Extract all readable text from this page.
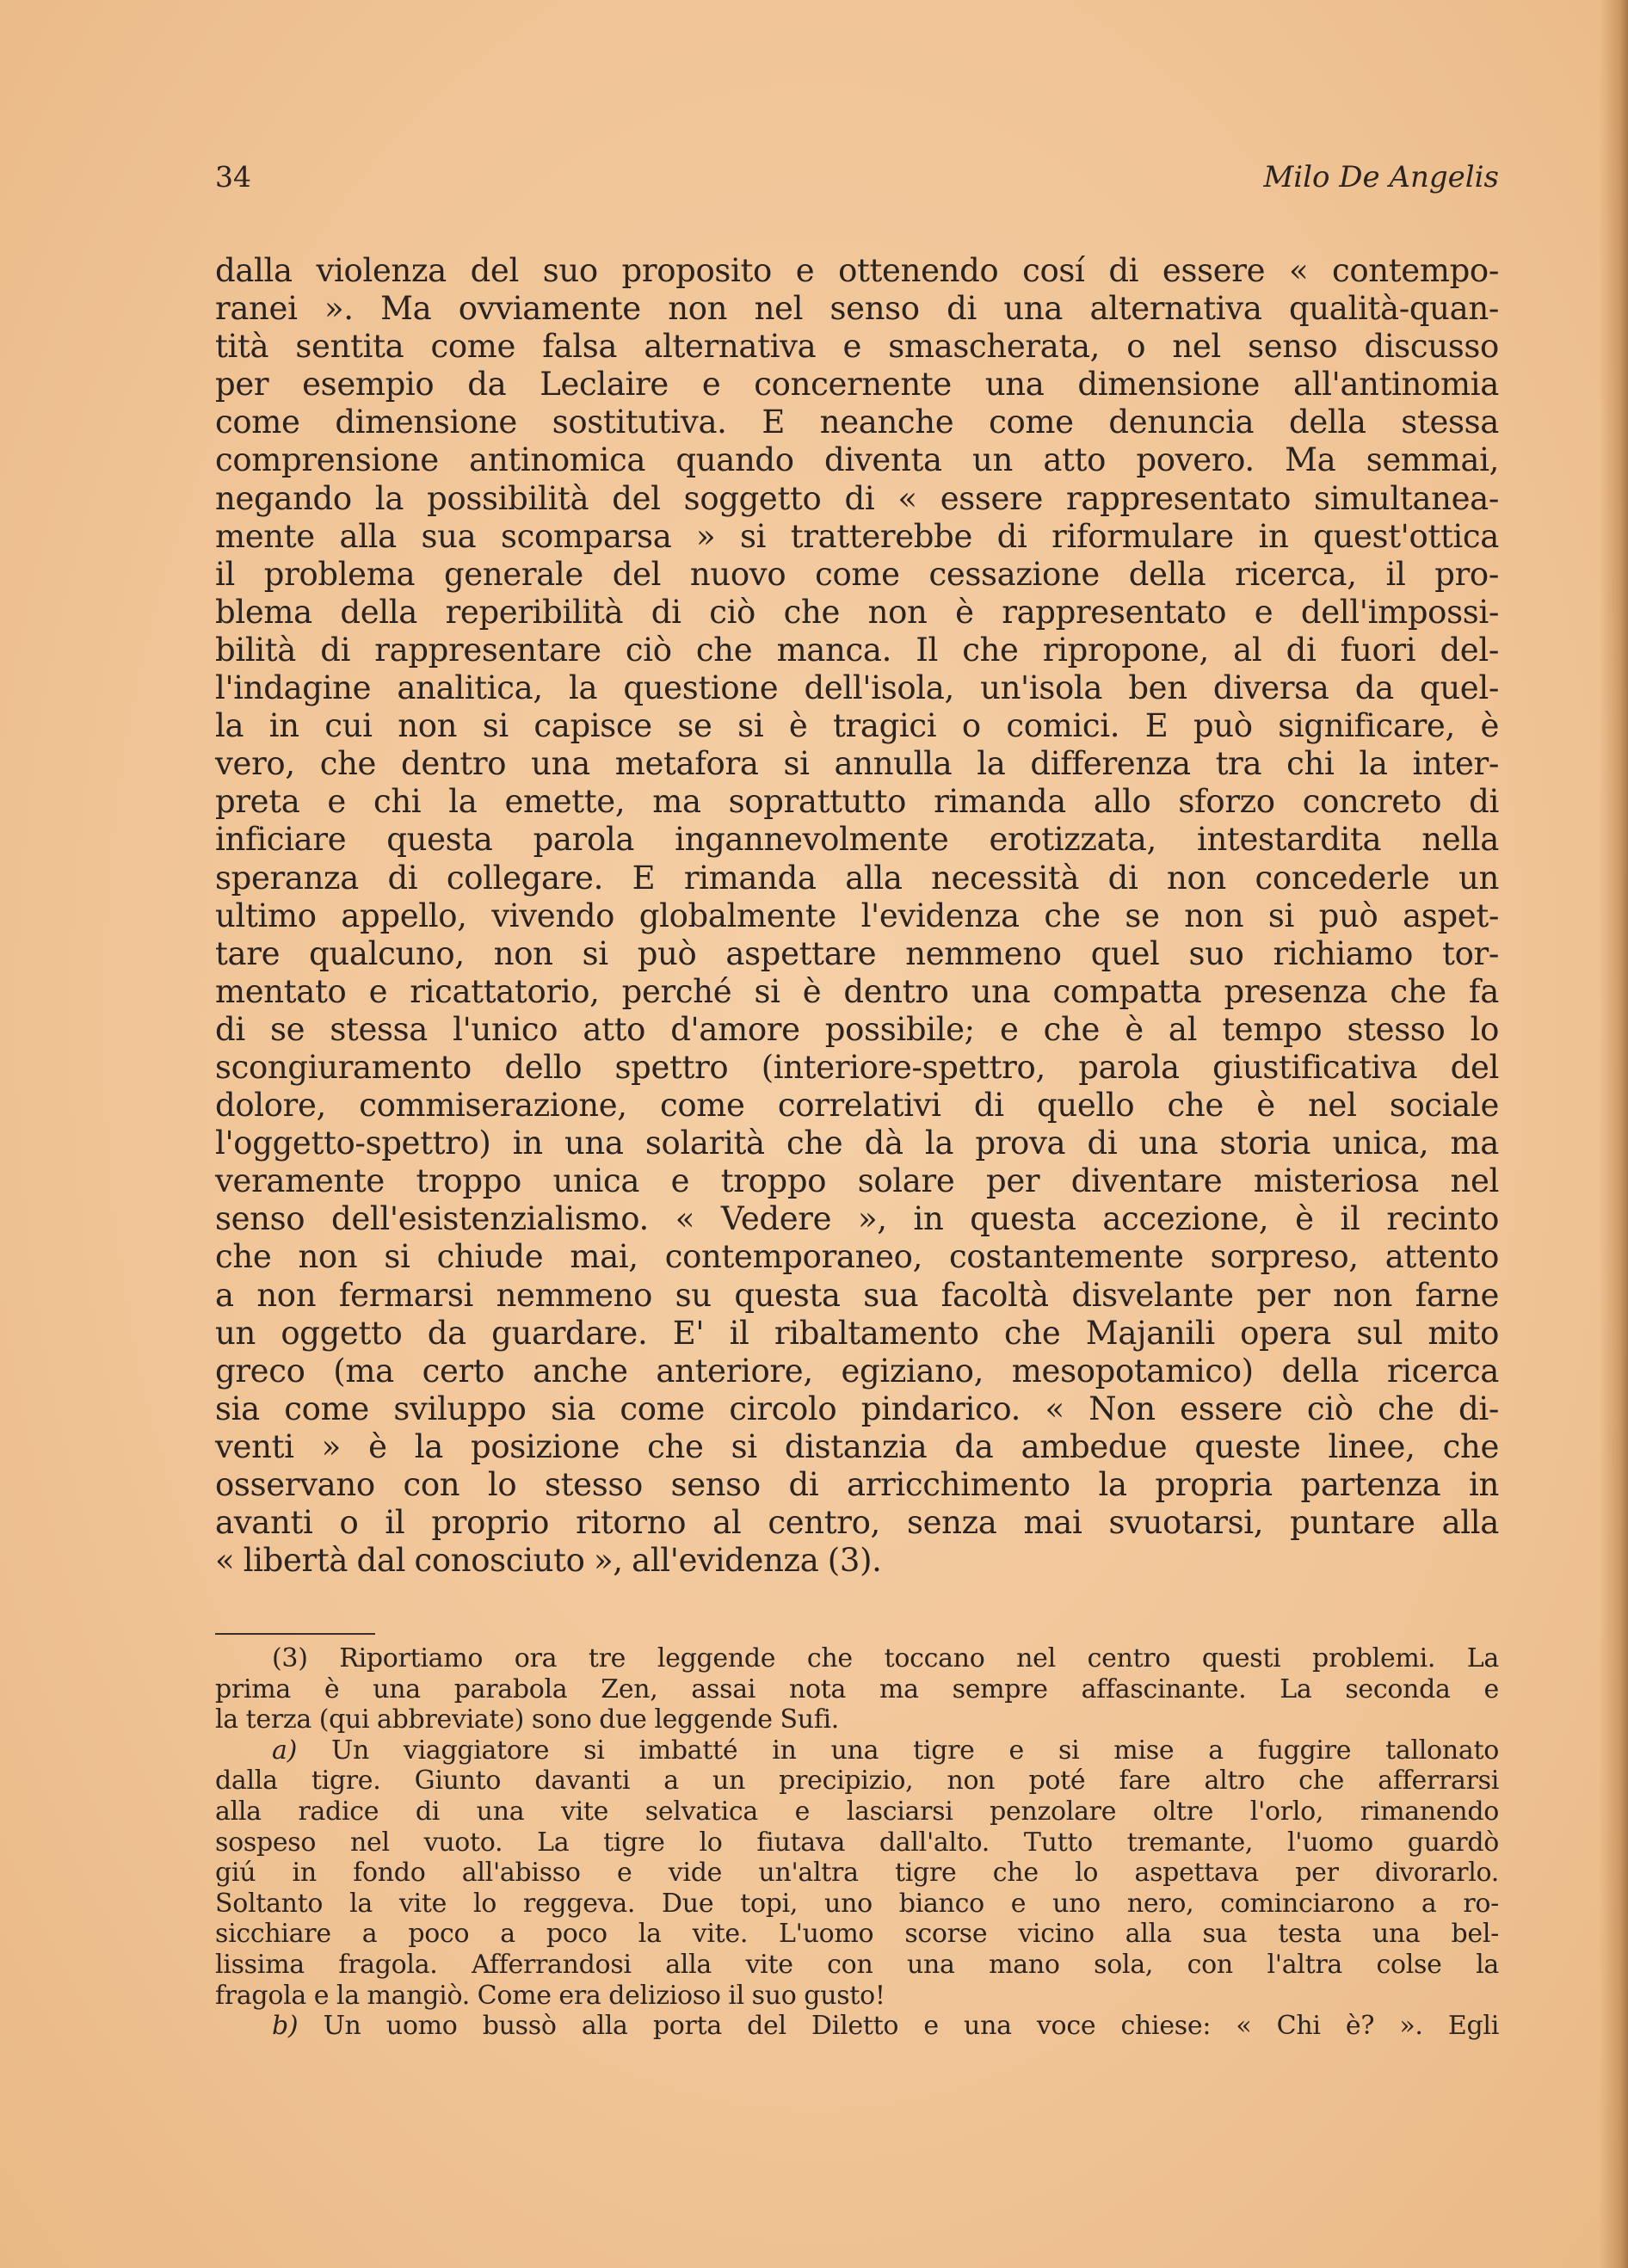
34	Milo De Angelis
dalla violenza del suo proposito e ottenendo cosí di essere « contempo-
ranei ». Ma ovviamente non nel senso di una alternativa qualità-quan-
tità sentita come falsa alternativa e smascherata, o nel senso discusso
per esempio da Leclaire e concernente una dimensione all'antinomia
come dimensione sostitutiva. E neanche come denuncia della stessa
comprensione antinomica quando diventa un atto povero. Ma semmai,
negando la possibilità del soggetto di « essere rappresentato simultanea-
mente alla sua scomparsa » si tratterebbe di riformulare in quest'ottica
il problema generale del nuovo come cessazione della ricerca, il pro-
blema della reperibilità di ciò che non è rappresentato e dell'impossi-
bilità di rappresentare ciò che manca. Il che ripropone, al di fuori del-
l'indagine analitica, la questione dell'isola, un'isola ben diversa da quel-
la in cui non si capisce se si è tragici o comici. E può significare, è
vero, che dentro una metafora si annulla la differenza tra chi la inter-
preta e chi la emette, ma soprattutto rimanda allo sforzo concreto di
inficiare questa parola ingannevolmente erotizzata, intestardita nella
speranza di collegare. E rimanda alla necessità di non concederle un
ultimo appello, vivendo globalmente l'evidenza che se non si può aspet-
tare qualcuno, non si può aspettare nemmeno quel suo richiamo tor-
mentato e ricattatorio, perché si è dentro una compatta presenza che fa
di se stessa l'unico atto d'amore possibile; e che è al tempo stesso lo
scongiuramento dello spettro (interiore-spettro, parola giustificativa del
dolore, commiserazione, come correlativi di quello che è nel sociale
l'oggetto-spettro) in una solarità che dà la prova di una storia unica, ma
veramente troppo unica e troppo solare per diventare misteriosa nel
senso dell'esistenzialismo. « Vedere », in questa accezione, è il recinto
che non si chiude mai, contemporaneo, costantemente sorpreso, attento
a non fermarsi nemmeno su questa sua facoltà disvelante per non farne
un oggetto da guardare. E' il ribaltamento che Majanili opera sul mito
greco (ma certo anche anteriore, egiziano, mesopotamico) della ricerca
sia come sviluppo sia come circolo pindarico. « Non essere ciò che di-
venti » è la posizione che si distanzia da ambedue queste linee, che
osservano con lo stesso senso di arricchimento la propria partenza in
avanti o il proprio ritorno al centro, senza mai svuotarsi, puntare alla
« libertà dal conosciuto », all'evidenza (3).
(3) Riportiamo ora tre leggende che toccano nel centro questi problemi. La
prima è una parabola Zen, assai nota ma sempre affascinante. La seconda e
la terza (qui abbreviate) sono due leggende Sufi.
a) Un viaggiatore si imbatté in una tigre e si mise a fuggire tallonato
dalla tigre. Giunto davanti a un precipizio, non poté fare altro che afferrarsi
alla radice di una vite selvatica e lasciarsi penzolare oltre l'orlo, rimanendo
sospeso nel vuoto. La tigre lo fiutava dall'alto. Tutto tremante, l'uomo guardò
giú in fondo all'abisso e vide un'altra tigre che lo aspettava per divorarlo.
Soltanto la vite lo reggeva. Due topi, uno bianco e uno nero, cominciarono a ro-
sicchiare a poco a poco la vite. L'uomo scorse vicino alla sua testa una bel-
lissima fragola. Afferrandosi alla vite con una mano sola, con l'altra colse la
fragola e la mangiò. Come era delizioso il suo gusto!
b) Un uomo bussò alla porta del Diletto e una voce chiese: « Chi è? ». Egli
